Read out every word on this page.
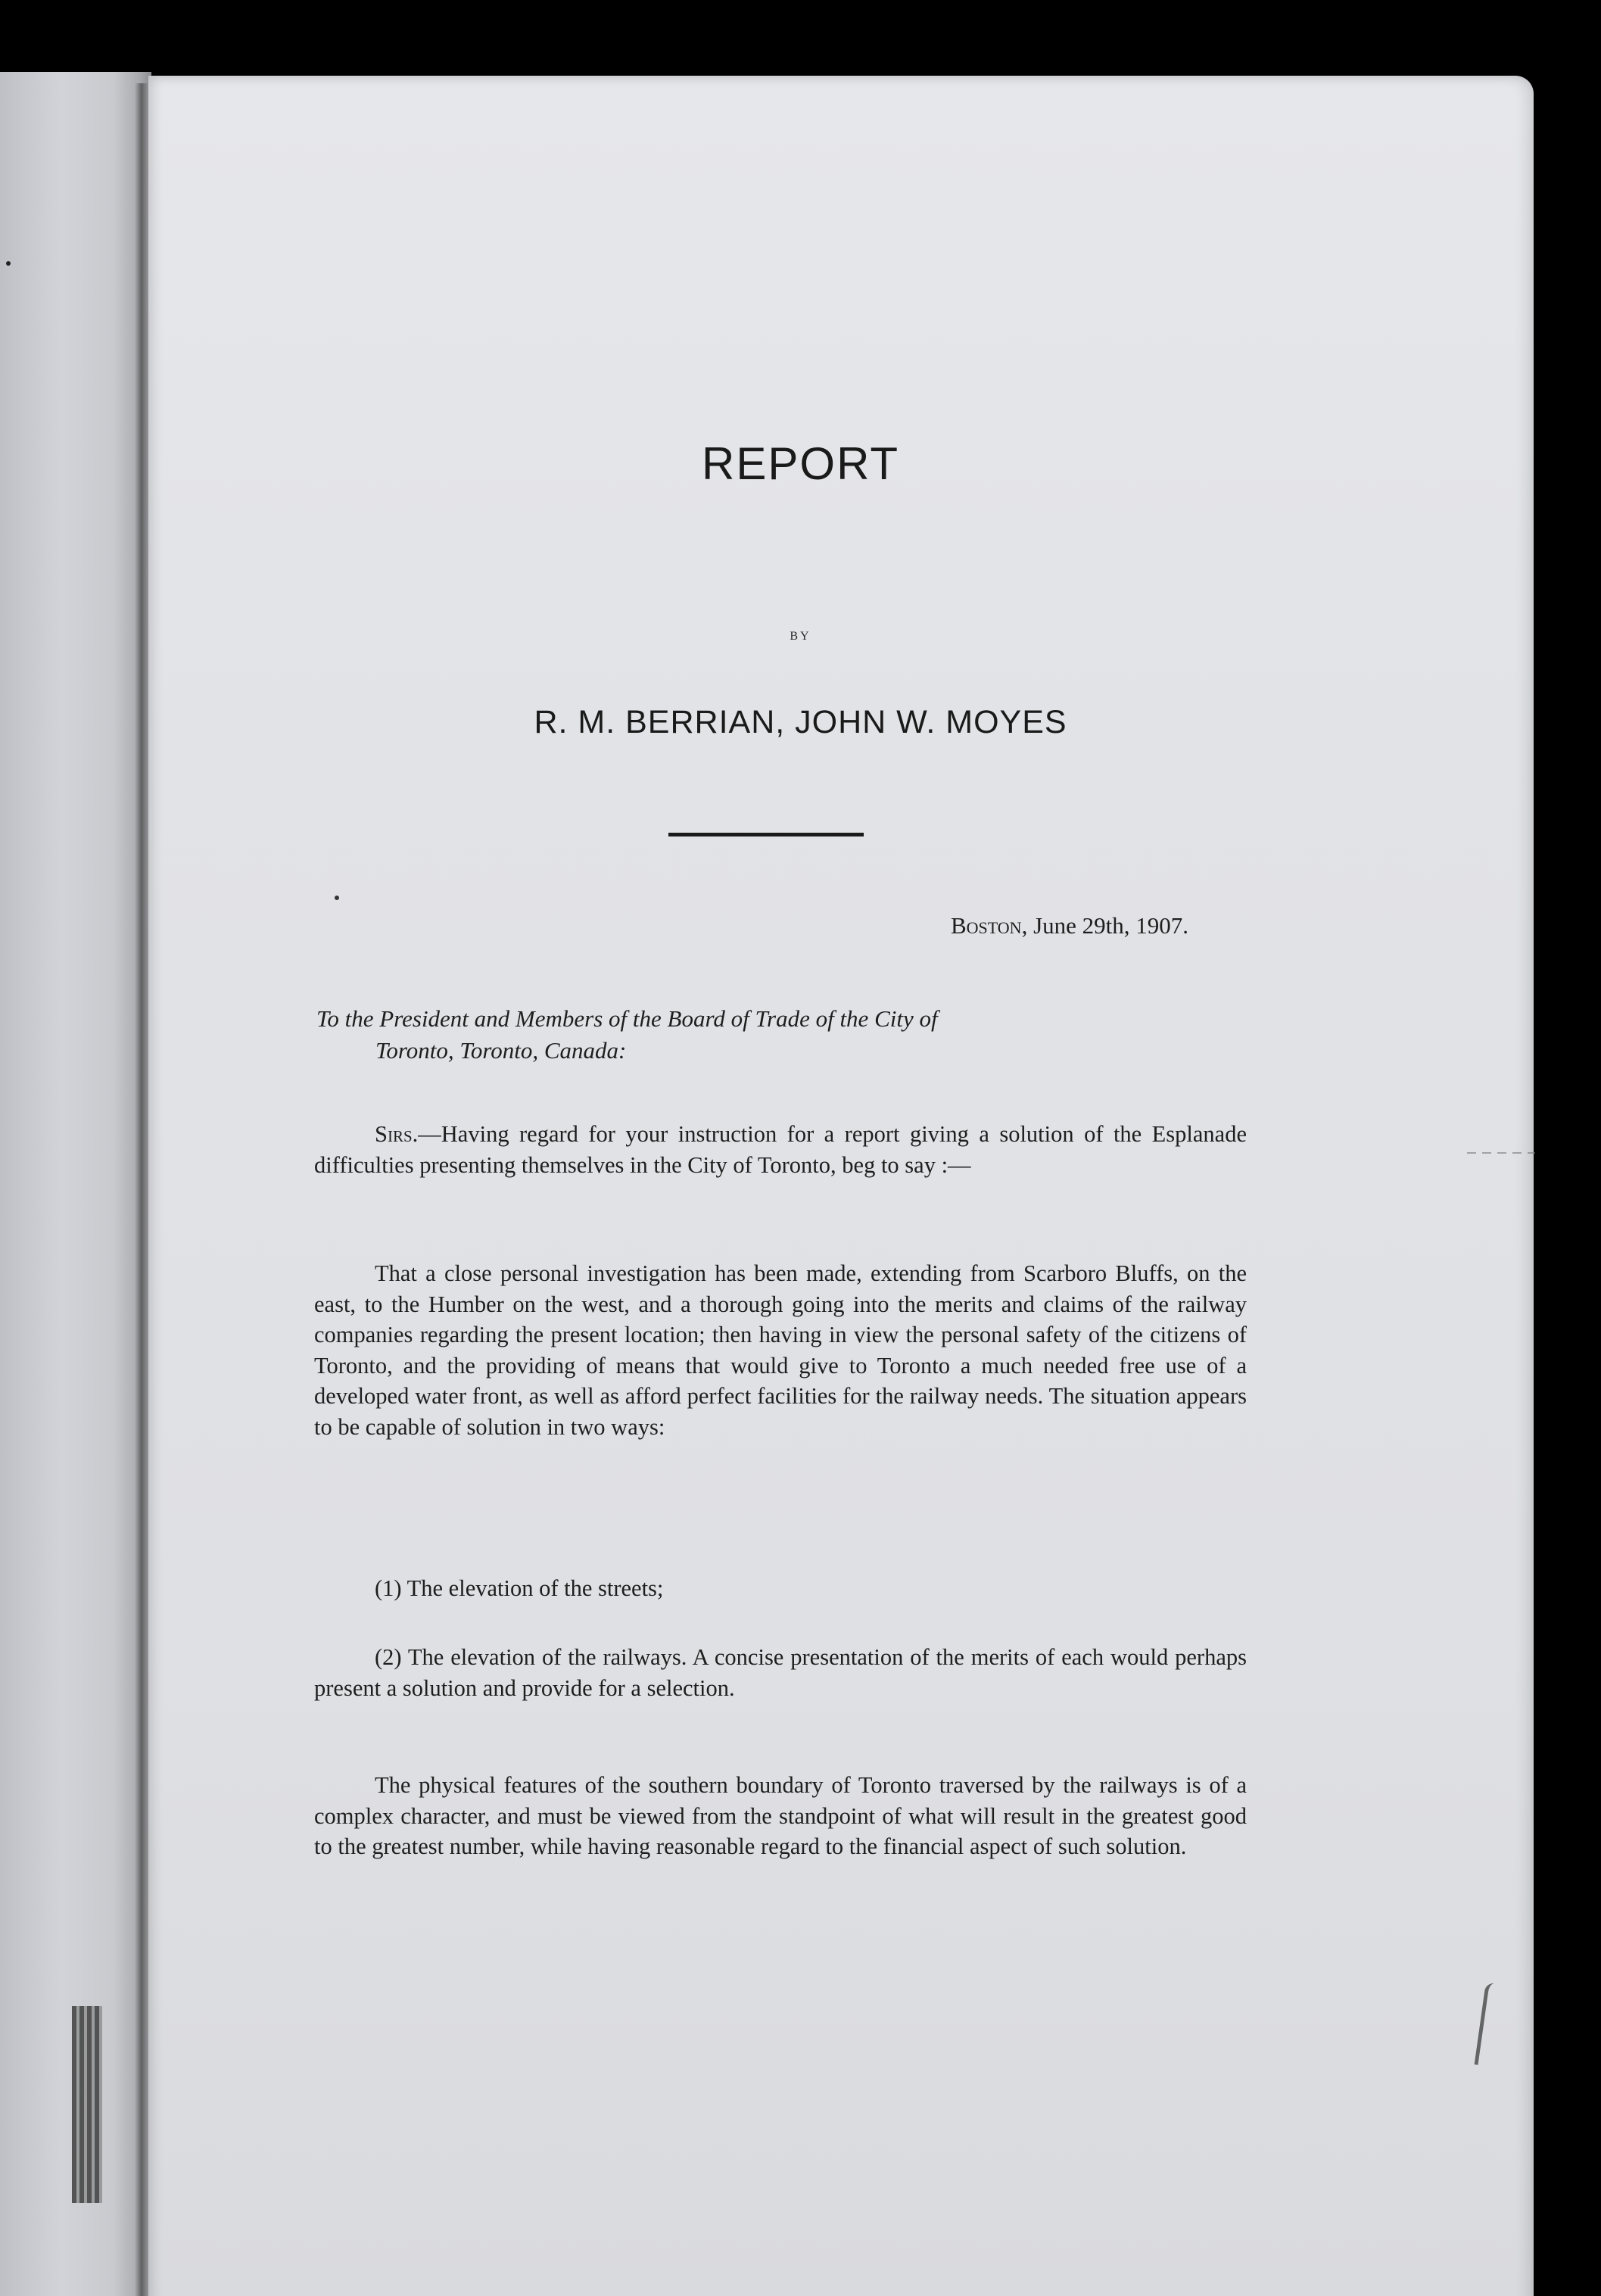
REPORT
BY
R. M. BERRIAN, JOHN W. MOYES
Boston, June 29th, 1907.
To the President and Members of the Board of Trade of the City of
Toronto, Toronto, Canada:
Sirs.—Having regard for your instruction for a report giving a solution of the Esplanade difficulties presenting themselves in the City of Toronto, beg to say :—
That a close personal investigation has been made, extending from Scarboro Bluffs, on the east, to the Humber on the west, and a thorough going into the merits and claims of the railway companies regarding the present location; then having in view the personal safety of the citizens of Toronto, and the providing of means that would give to Toronto a much needed free use of a developed water front, as well as afford perfect facilities for the railway needs. The situation appears to be capable of solution in two ways:
(1) The elevation of the streets;
(2) The elevation of the railways. A concise presentation of the merits of each would perhaps present a solution and provide for a selection.
The physical features of the southern boundary of Toronto traversed by the railways is of a complex character, and must be viewed from the standpoint of what will result in the greatest good to the greatest number, while having reasonable regard to the financial aspect of such solution.
